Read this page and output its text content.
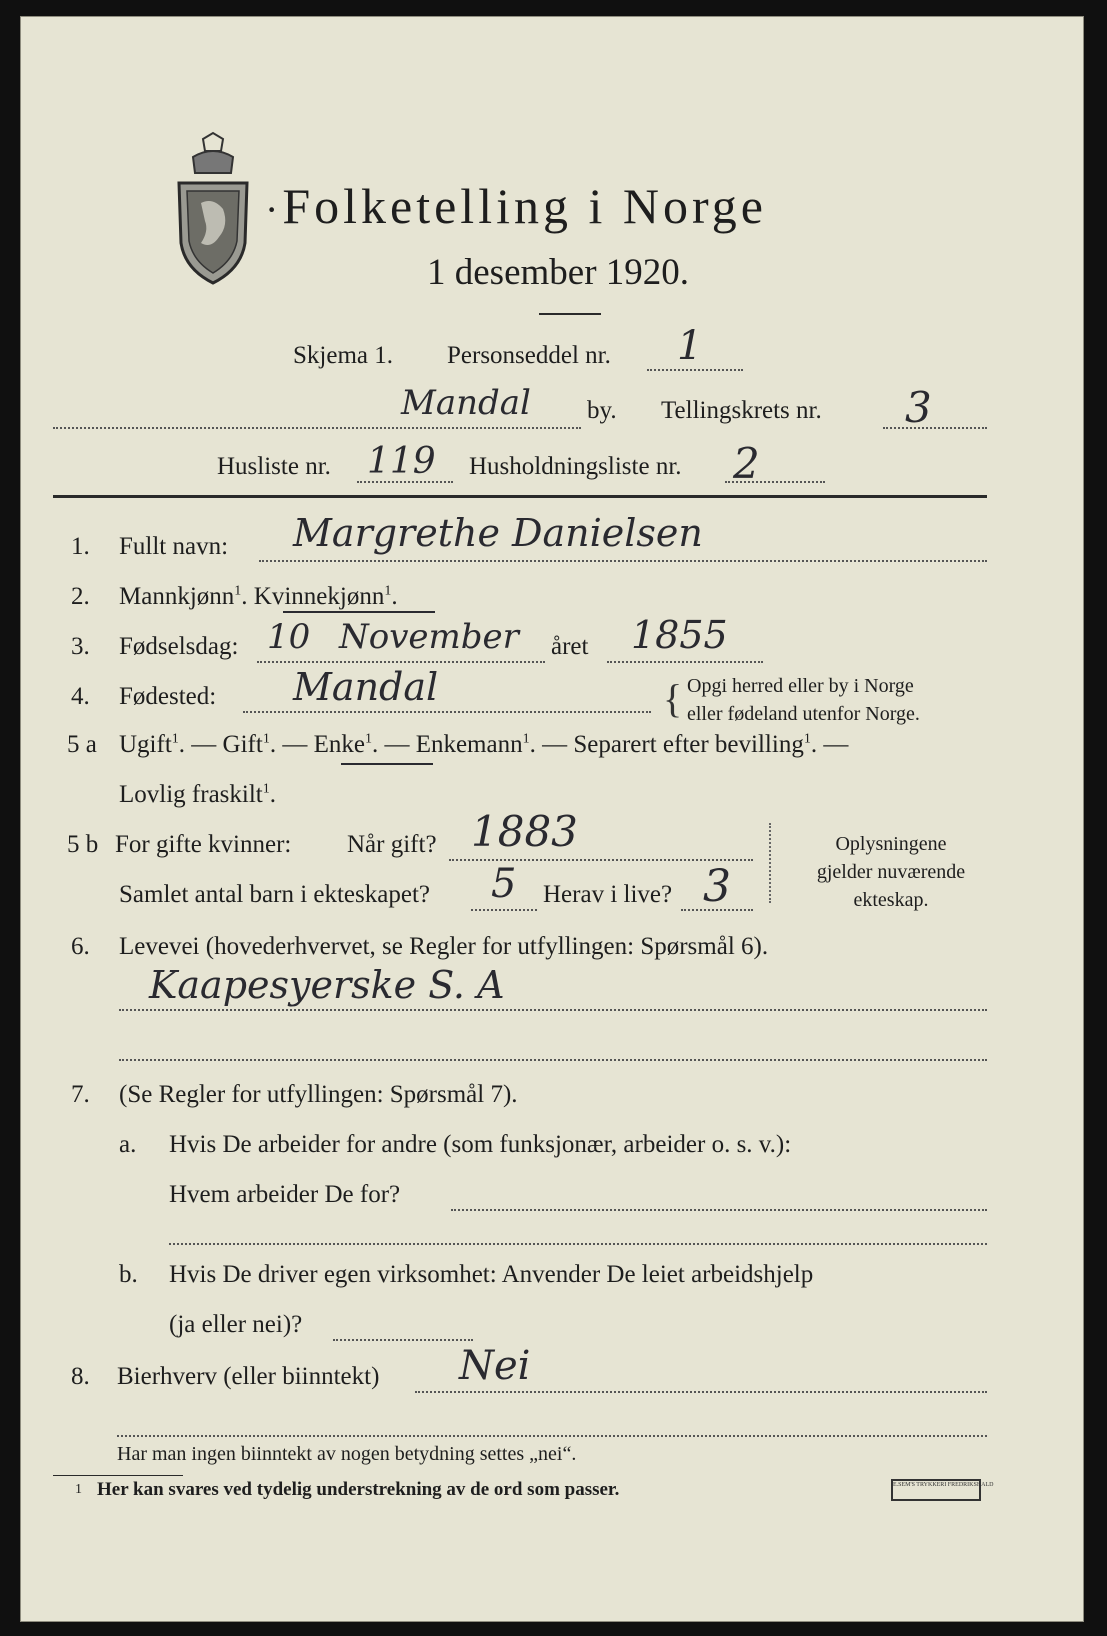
·Folketelling i Norge
1 desember 1920.
Skjema 1. Personseddel nr. 1
Mandal by. Tellingskrets nr. 3
Husliste nr. 119 Husholdningsliste nr. 2
1. Fullt navn: Margrethe Danielsen
2. Mannkjønn$^1$. Kvinnekjønn$^1$.
3. Fødselsdag: 10 November året 1855
4. Fødested: Mandal	{ Opgi herred eller by i Norge
eller fødeland utenfor Norge.
5 a Ugift$^1$. — Gift$^1$. — Enke$^1$. — Enkemann$^1$. — Separert efter bevilling$^1$. —
Lovlig fraskilt$^1$.
5 b For gifte kvinner: Når gift? 1883
Samlet antal barn i ekteskapet? 5 Herav i live? 3
Oplysningene
gjelder nuværende
ekteskap.
6. Levevei (hovederhvervet, se Regler for utfyllingen: Spørsmål 6).
Kaapesyerske S. A
7. (Se Regler for utfyllingen: Spørsmål 7).
a. Hvis De arbeider for andre (som funksjonær, arbeider o. s. v.):
Hvem arbeider De for?
b. Hvis De driver egen virksomhet: Anvender De leiet arbeidshjelp
(ja eller nei)?
8. Bierhverv (eller biinntekt) Nei
Har man ingen biinntekt av nogen betydning settes „nei“.
1 Her kan svares ved tydelig understrekning av de ord som passer.	E.SEM'S TRYKKERI FREDRIKSHALD
